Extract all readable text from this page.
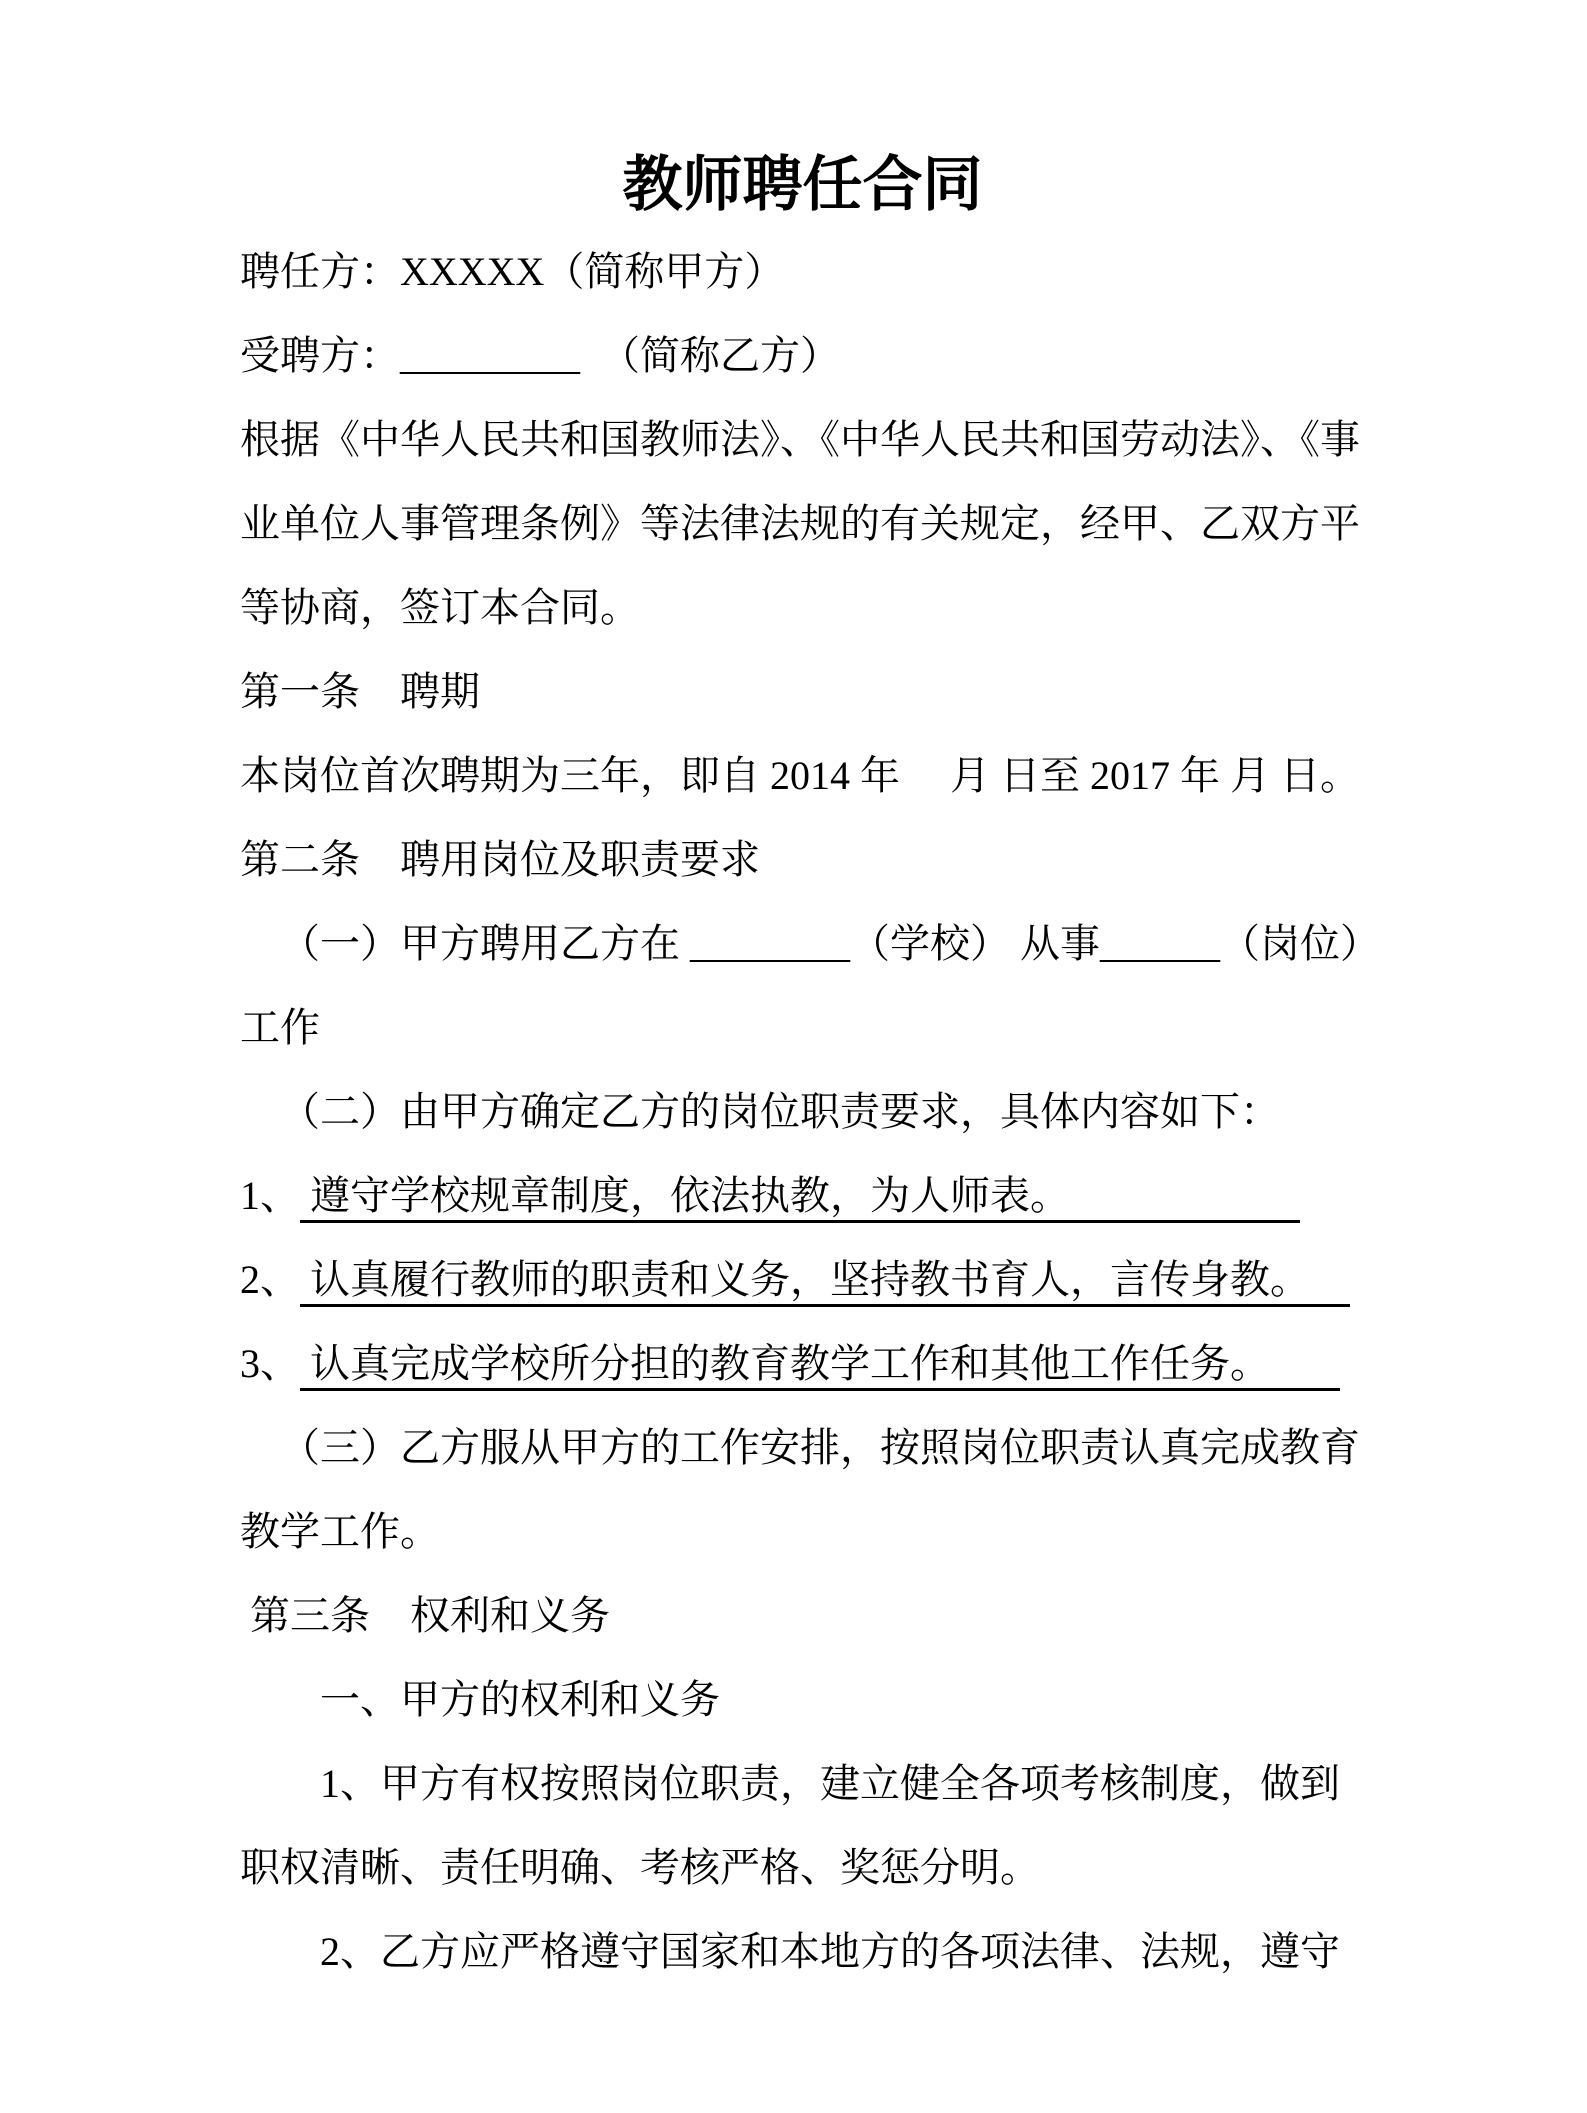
教师聘任合同
聘任方：XXXXX（简称甲方）
受聘方：_________　（简称乙方）
根据《中华人民共和国教师法》、《中华人民共和国劳动法》、《事
业单位人事管理条例》等法律法规的有关规定，经甲、乙双方平
等协商，签订本合同。
第一条　聘期
本岗位首次聘期为三年，即自 2014 年　 月 日至 2017 年 月 日。
第二条　聘用岗位及职责要求
（一）甲方聘用乙方在 ________（学校） 从事______（岗位）
工作
（二）由甲方确定乙方的岗位职责要求，具体内容如下：
1、 遵守学校规章制度，依法执教，为人师表。
2、 认真履行教师的职责和义务，坚持教书育人，言传身教。
3、 认真完成学校所分担的教育教学工作和其他工作任务。
（三）乙方服从甲方的工作安排，按照岗位职责认真完成教育
教学工作。
第三条　权利和义务
一、甲方的权利和义务
1、甲方有权按照岗位职责，建立健全各项考核制度，做到
职权清晰、责任明确、考核严格、奖惩分明。
2、乙方应严格遵守国家和本地方的各项法律、法规，遵守
